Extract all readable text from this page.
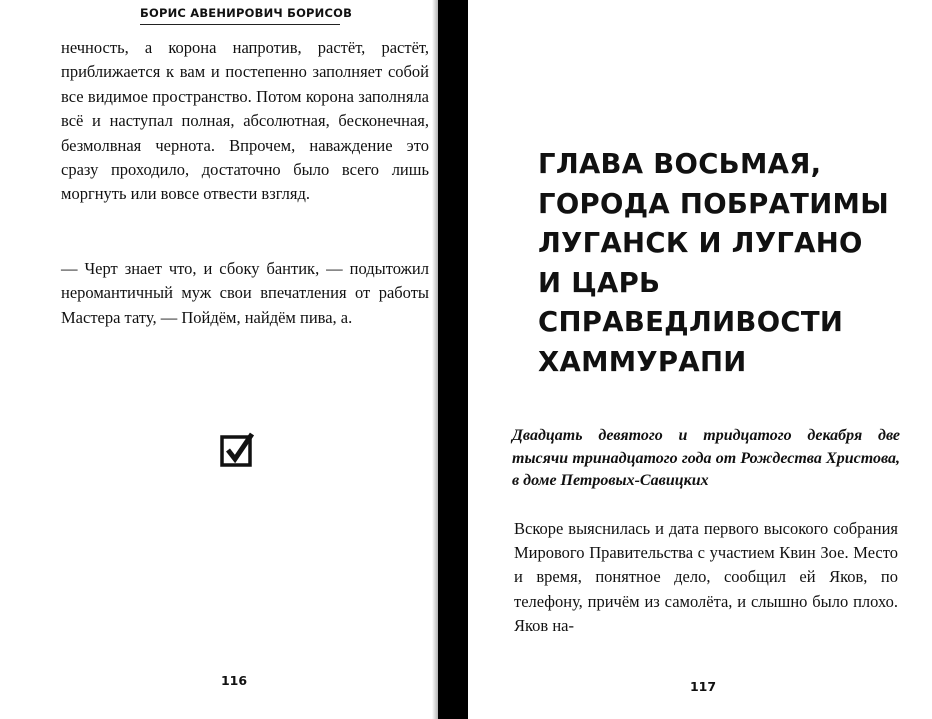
БОРИС АВЕНИРОВИЧ БОРИСОВ

нечность, а корона напротив, растёт, растёт, приближается к вам и постепенно заполняет собой все видимое пространство. Потом корона заполняла всё и наступал полная, абсолютная, бесконечная, безмолвная чернота. Впрочем, наваждение это сразу проходило, достаточно было всего лишь моргнуть или вовсе отвести взгляд.

— Черт знает что, и сбоку бантик, — подытожил неромантичный муж свои впечатления от работы Мастера тату, — Пойдём, найдём пива, а.

116
ГЛАВА ВОСЬМАЯ,
ГОРОДА ПОБРАТИМЫ
ЛУГАНСК И ЛУГАНО
И ЦАРЬ
СПРАВЕДЛИВОСТИ
ХАММУРАПИ

Двадцать девятого и тридцатого декабря две тысячи тринадцатого года от Рождества Христова, в доме Петровых-Савицких

Вскоре выяснилась и дата первого высокого собрания Мирового Правительства с участием Квин Зое. Место и время, понятное дело, сообщил ей Яков, по телефону, причём из самолёта, и слышно было плохо. Яков на-

117
